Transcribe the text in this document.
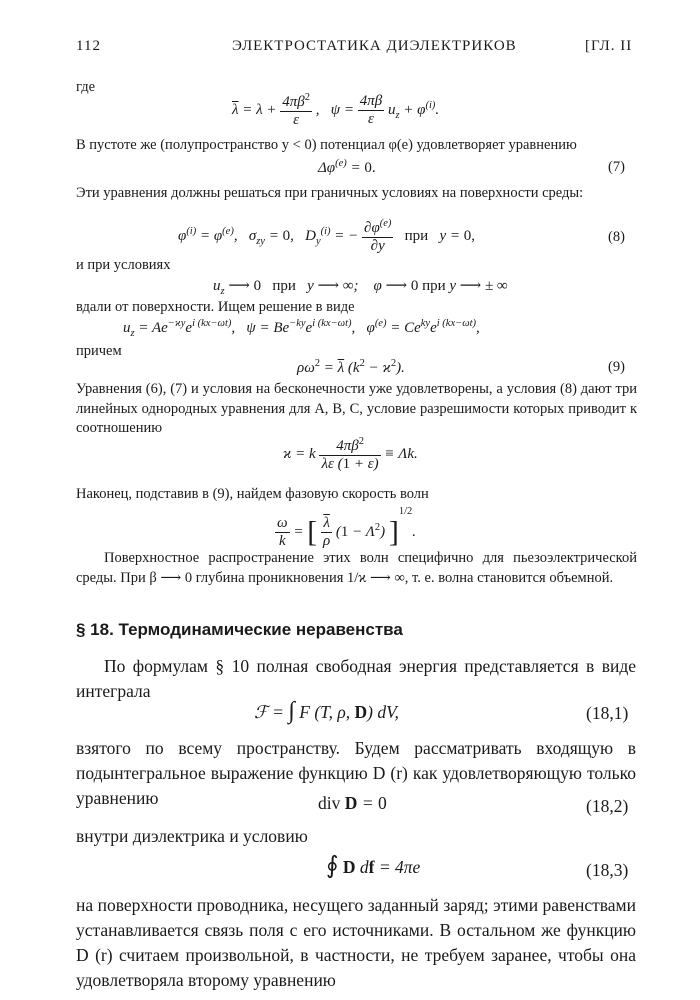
112	ЭЛЕКТРОСТАТИКА ДИЭЛЕКТРИКОВ	[ГЛ. II
где
$\overline{\lambda} = \lambda + \frac{4\pi\beta^2}{\varepsilon}$ ,   $\psi = \frac{4\pi\beta}{\varepsilon} u_z + \varphi^{(i)}$.
В пустоте же (полупространство y < 0) потенциал φ(e) удовлетворяет уравнению
$\Delta\varphi^{(e)} = 0$.	(7)
Эти уравнения должны решаться при граничных условиях на поверхности среды:
$\varphi^{(i)} = \varphi^{(e)}$,   $\sigma_{zy} = 0$,   $D_y^{(i)}$ = − $\frac{\partial\varphi^{(e)}}{\partial y}$ при   y = 0,	(8)
и при условиях
$u_z$ ⟶ 0 при   y ⟶ ∞;    φ ⟶ 0 при y ⟶ ± ∞
вдали от поверхности. Ищем решение в виде
$u_z = Ae^{-ϰy}e^{i (kx-\omega t)}$,   $\psi = Be^{-ky}e^{i (kx-\omega t)}$,   $\varphi^{(e)} = Ce^{ky}e^{i (kx-\omega t)}$,
причем
$\rho\omega^2 = \overline{\lambda}$ $(k^2 - ϰ^2)$.	(9)
Уравнения (6), (7) и условия на бесконечности уже удовлетворены, а условия (8) дают три линейных однородных уравнения для A, B, C, условие разрешимости которых приводит к соотношению
ϰ = k $\frac{4\pi\beta^2}{\overline{\lambda}\varepsilon (1 + \varepsilon)} \equiv \Lambda k$.
Наконец, подставив в (9), найдем фазовую скорость волн
$\frac{\omega}{k}$ = [ $\frac{\overline{\lambda}}{\rho} (1 - \Lambda^2)$ ]$^{1/2}$.
Поверхностное распространение этих волн специфично для пьезоэлектрической среды. При β ⟶ 0 глубина проникновения 1/ϰ ⟶ ∞, т. е. волна становится объемной.
§ 18. Термодинамические неравенства
По формулам § 10 полная свободная энергия представляется в виде интеграла
ℱ = ∫ F (T, ρ, D) dV,	(18,1)
взятого по всему пространству. Будем рассматривать входящую в подынтегральное выражение функцию D (r) как удовлетворяющую только уравнению	div D = 0	(18,2)
внутри диэлектрика и условию
∮ D df = 4πe	(18,3)
на поверхности проводника, несущего заданный заряд; этими равенствами устанавливается связь поля с его источниками. В остальном же функцию D (r) считаем произвольной, в частности, не требуем заранее, чтобы она удовлетворяла второму уравнению
